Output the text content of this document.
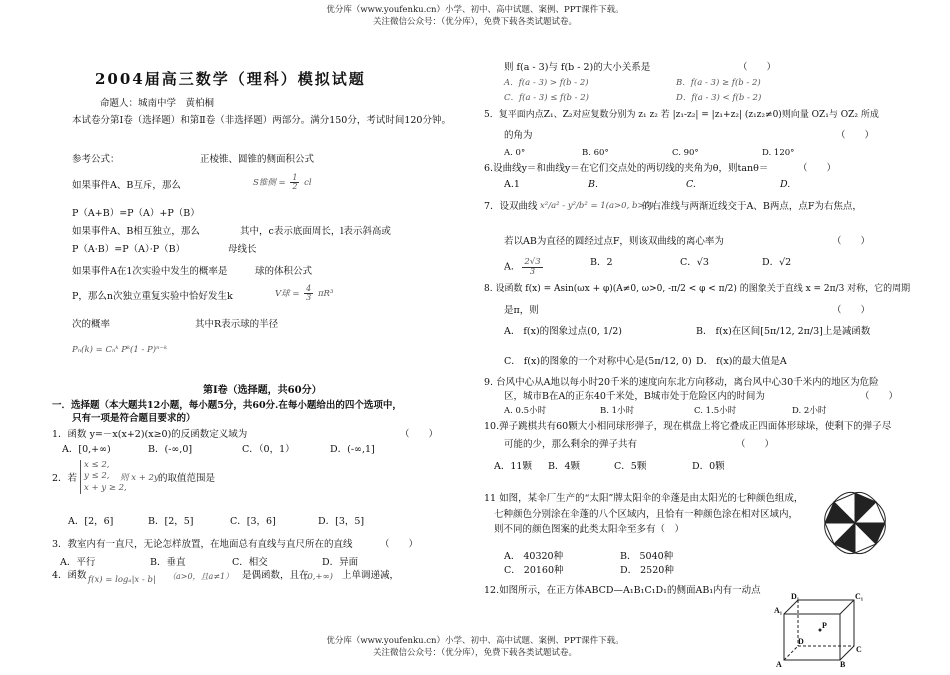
优分库（www.youfenku.cn）小学、初中、高中试题、案例、PPT课件下载。
关注微信公众号：（优分库），免费下载各类试题试卷。
2004届高三数学（理科）模拟试题
命题人：城南中学　黄柏桐
本试卷分第Ⅰ卷（选择题）和第Ⅱ卷（非选择题）两部分。满分150分，考试时间120分钟。
参考公式：	正棱锥、圆锥的侧面积公式
如果事件A、B互斥，那么	S锥侧 = $\frac{1}{2}$ cl
P（A+B）=P（A）+P（B）
如果事件A、B相互独立，那么	其中，c表示底面周长，l表示斜高或
P（A·B）=P（A）·P（B）	母线长
如果事件A在1次实验中发生的概率是	球的体积公式
P，那么n次独立重复实验中恰好发生k	V球 = $\frac{4}{3} \pi R^3$
次的概率	其中R表示球的半径
Pₙ(k) = Cₙᵏ Pᵏ(1 - P)ⁿ⁻ᵏ
第Ⅰ卷（选择题，共60分）
一．选择题（本大题共12小题，每小题5分，共60分.在每小题给出的四个选项中，
只有一项是符合题目要求的）
1．函数 y=－x(x+2)(x≥0)的反函数定义域为	（　　）
A．[0,+∞)	B．(-∞,0]	C．（0，1）	D．(-∞,1]
2．若
x ≤ 2,
y ≤ 2,
x + y ≥ 2,
则 x + 2y 的取值范围是
A．[2，6]	B．[2，5]	C．[3，6]	D．[3，5]
3．教室内有一直尺，无论怎样放置，在地面总有直线与直尺所在的直线	（　　）
A．平行	B．垂直	C．相交	D．异面
4．函数 f(x) = logₐ|x - b| （a>0，且a≠1） 是偶函数，且在
(0,+∞) 上单调递减，
则 f(a - 3)与 f(b - 2)的大小关系是	（　　）
A．f(a - 3) > f(b - 2)	B．f(a - 3) ≥ f(b - 2)
C．f(a - 3) ≤ f(b - 2)	D．f(a - 3) < f(b - 2)
5．复平面内点Z₁、Z₂对应复数分别为 z₁ z₂ 若 |z₁-z₂| = |z₁+z₂| (z₁z₂≠0)则向量 OZ₁与 OZ₂ 所成
的角为	（　　）
A. 0°	B. 60°	C. 90°	D. 120°
6.设曲线y＝和曲线y＝在它们交点处的两切线的夹角为θ，则tanθ＝	（　　）
A.1	B.	C.	D.
7．设双曲线 x²/a² - y²/b² = 1(a>0, b>0)
的右准线与两渐近线交于A、B两点，点F为右焦点，
若以AB为直径的圆经过点F，则该双曲线的离心率为	（　　）
A． $\frac{2√3}{3}$	B．2	C．√3	D．√2
8. 设函数 f(x) = Asin(ωx + φ)(A≠0, ω>0, -π/2 < φ < π/2) 的图象关于直线 x = 2π/3 对称，它的周期
是π，则	（　　）
A． f(x)的图象过点(0, 1/2)	B． f(x)在区间[5π/12, 2π/3]上是减函数
C． f(x)的图象的一个对称中心是(5π/12, 0) D． f(x)的最大值是A
9. 台风中心从A地以每小时20千米的速度向东北方向移动，离台风中心30千米内的地区为危险
区，城市B在A的正东40千米处，B城市处于危险区内的时间为	（　　）
A. 0.5小时	B. 1小时	C. 1.5小时	D. 2小时
10.弹子跳棋共有60颗大小相同球形弹子，现在棋盘上将它叠成正四面体形球垛，使剩下的弹子尽
可能的少，那么剩余的弹子共有	（　　）
A．11颗 B．4颗	C．5颗	D．0颗
11 如图，某伞厂生产的“太阳”牌太阳伞的伞蓬是由太阳光的七种颜色组成，
七种颜色分别涂在伞蓬的八个区域内，且恰有一种颜色涂在相对区域内，
则不同的颜色图案的此类太阳伞至多有（　）
A． 40320种	B． 5040种
C． 20160种	D． 2520种
12.如图所示，在正方体ABCD—A₁B₁C₁D₁的侧面AB₁内有一动点
D₁	C₁
A₁
P
D
C
A	B
优分库（www.youfenku.cn）小学、初中、高中试题、案例、PPT课件下载。
关注微信公众号：（优分库），免费下载各类试题试卷。
